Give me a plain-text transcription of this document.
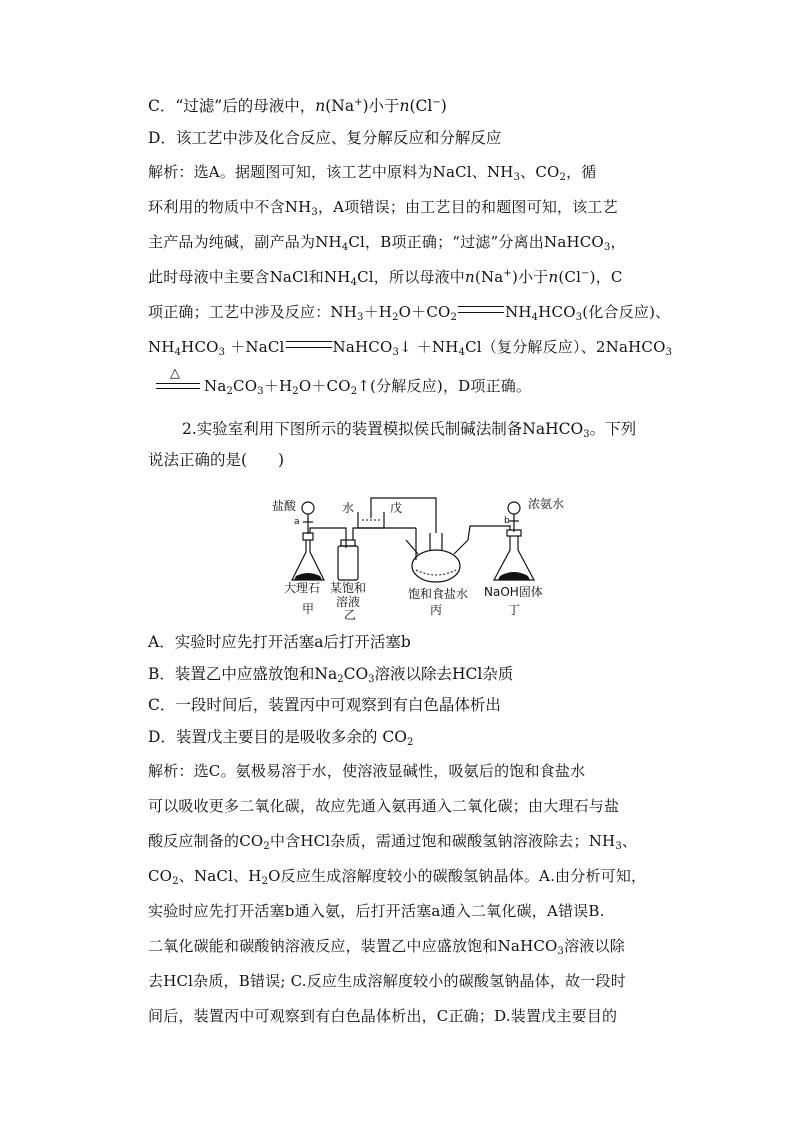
C．“过滤”后的母液中，n(Na+)小于n(Cl−)
D．该工艺中涉及化合反应、复分解反应和分解反应
解析：选A。据题图可知，该工艺中原料为NaCl、$NH_3$、$CO_2$，循
环利用的物质中不含$NH_3$，A项错误；由工艺目的和题图可知，该工艺
主产品为纯碱，副产品为$NH_4Cl$，B项正确；“过滤”分离出NaHCO$_3$，
此时母液中主要含NaCl和$NH_4Cl$，所以母液中n(Na+)小于n(Cl−)，C
项正确；工艺中涉及反应：$NH_3+H_2O+CO_2$	$NH_4HCO_3$(化合反应)、
$NH_4HCO_3$ ＋NaCl	NaHCO$_3$↓ $+NH_4Cl$（复分解反应）、2NaHCO$_3$
△
$Na_2CO_3+H_2O+CO_2↑$(分解反应)，D项正确。
2.实验室利用下图所示的装置模拟侯氏制碱法制备NaHCO$_3$。下列
说法正确的是(　　)
盐酸
a	b
水	戊	浓氨水
大理石 某饱和
溶液
饱和食盐水 NaOH固体
甲 乙	丙	丁
A．实验时应先打开活塞a后打开活塞b
B．装置乙中应盛放饱和$Na_2CO_3$溶液以除去HCl杂质
C．一段时间后，装置丙中可观察到有白色晶体析出
D．装置戊主要目的是吸收多余的 $CO_2$
解析：选C。氨极易溶于水，使溶液显碱性，吸氨后的饱和食盐水
可以吸收更多二氧化碳，故应先通入氨再通入二氧化碳；由大理石与盐
酸反应制备的$CO_2$中含HCl杂质，需通过饱和碳酸氢钠溶液除去；$NH_3$、
$CO_2$、NaCl、$H_2O$反应生成溶解度较小的碳酸氢钠晶体。A.由分析可知，
实验时应先打开活塞b通入氨，后打开活塞a通入二氧化碳，A错误B.
二氧化碳能和碳酸钠溶液反应，装置乙中应盛放饱和NaHCO$_3$溶液以除
去HCl杂质，B错误; C.反应生成溶解度较小的碳酸氢钠晶体，故一段时
间后，装置丙中可观察到有白色晶体析出，C正确；D.装置戊主要目的
